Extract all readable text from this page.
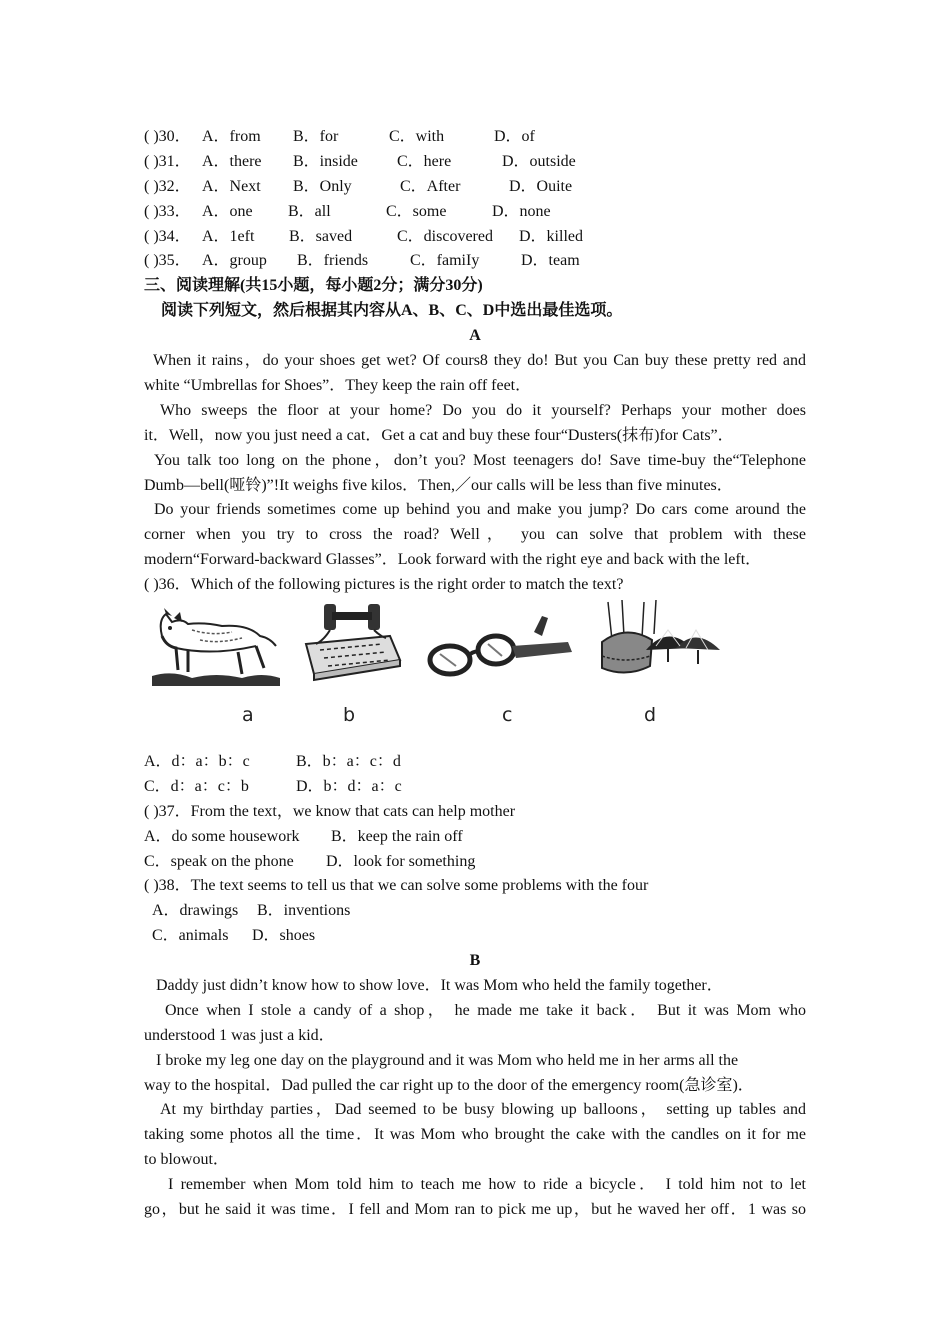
( )30． A．from B．for	C．with	D．of
( )31． A．there B．inside C．here	D．outside
( )32． A．Next B．Only	C．After	D．Ouite
( )33． A．one B．all	C．some	D．none
( )34． A．1eft B．saved	C．discovered D．killed
( )35． A．group B．friends	C．famiIy	D．team
三、阅读理解(共15小题，每小题2分；满分30分)
阅读下列短文，然后根据其内容从A、B、C、D中选出最佳选项。
A
When it rains，do your shoes get wet? Of cours8 they do! But you Can buy these pretty red and
white “Umbrellas for Shoes”．They keep the rain off feet．
Who sweeps the floor at your home? Do you do it yourself? Perhaps your mother does
it．Well，now you just need a cat．Get a cat and buy these four“Dusters(抹布)for Cats”．
You talk too long on the phone，don’t you? Most teenagers do! Save time-buy the“Telephone
Dumb—bell(哑铃)”!It weighs five kilos．Then,／our calls will be less than five minutes．
Do your friends sometimes come up behind you and make you jump? Do cars come around the
corner when you try to cross the road? Well， you can solve that problem with these
modern“Forward-backward Glasses”．Look forward with the right eye and back with the left．
( )36．Which of the following pictures is the right order to match the text?
a	b	c	d
A．d：a：b：c	B．b：a：c：d
C．d：a：c：b	D．b：d：a：c
( )37．From the text，we know that cats can help mother
A．do some housework B．keep the rain off
C．speak on the phone D．look for something
( )38．The text seems to tell us that we can solve some problems with the four
A．drawings B．inventions
C．animals D．shoes
B
Daddy just didn’t know how to show love．It was Mom who held the family together．
Once when I stole a candy of a shop， he made me take it back． But it was Mom who
understood 1 was just a kid．
I broke my leg one day on the playground and it was Mom who held me in her arms all the
way to the hospital．Dad pulled the car right up to the door of the emergency room(急诊室)．
At my birthday parties，Dad seemed to be busy blowing up balloons， setting up tables and
taking some photos all the time．It was Mom who brought the cake with the candles on it for me
to blowout．
I remember when Mom told him to teach me how to ride a bicycle． I told him not to let
go，but he said it was time．I fell and Mom ran to pick me up，but he waved her off．1 was so
